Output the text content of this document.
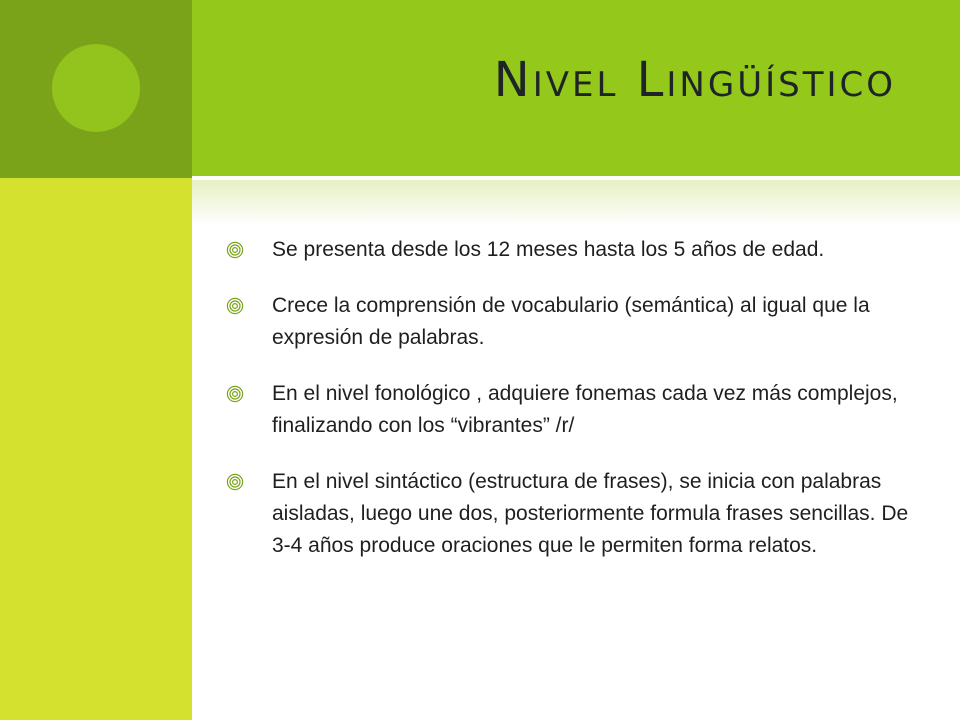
Nivel Lingüístico
Se presenta desde los 12 meses hasta los 5 años de edad.
Crece la comprensión de vocabulario (semántica) al igual que la expresión de palabras.
En el nivel fonológico , adquiere fonemas cada vez más complejos, finalizando con los “vibrantes” /r/
En el nivel sintáctico (estructura de frases), se inicia con palabras aisladas, luego une dos, posteriormente formula frases sencillas. De 3-4 años produce oraciones que le permiten forma relatos.
